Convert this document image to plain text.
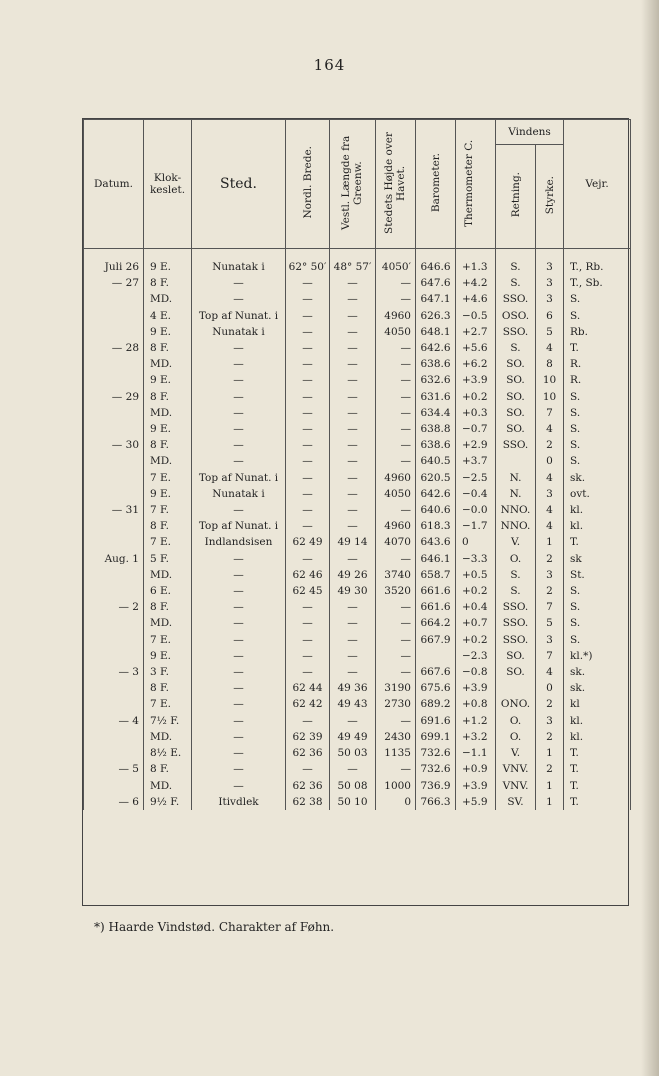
164
Datum.	Klok-
keslet.	Sted.	Nordl. Brede.	Vestl. Længde fra Greenw.	Stedets Højde over Havet.	Barometer.	Thermometer C.	Vindens		Vejr.
								Retning.	Styrke.	

Juli 26	9 E.	Nunatak i	62° 50′	48° 57′	4050′	646.6	+1.3	S.	3	T., Rb.
— 27	8 F.	—	—	—	—	647.6	+4.2	S.	3	T., Sb.
	MD.	—	—	—	—	647.1	+4.6	SSO.	3	S.
	4 E.	Top af Nunat. i	—	—	4960	626.3	−0.5	OSO.	6	S.
	9 E.	Nunatak i	—	—	4050	648.1	+2.7	SSO.	5	Rb.
— 28	8 F.	—	—	—	—	642.6	+5.6	S.	4	T.
	MD.	—	—	—	—	638.6	+6.2	SO.	8	R.
	9 E.	—	—	—	—	632.6	+3.9	SO.	10	R.
— 29	8 F.	—	—	—	—	631.6	+0.2	SO.	10	S.
	MD.	—	—	—	—	634.4	+0.3	SO.	7	S.
	9 E.	—	—	—	—	638.8	−0.7	SO.	4	S.
— 30	8 F.	—	—	—	—	638.6	+2.9	SSO.	2	S.
	MD.	—	—	—	—	640.5	+3.7		0	S.
	7 E.	Top af Nunat. i	—	—	4960	620.5	−2.5	N.	4	sk.
	9 E.	Nunatak i	—	—	4050	642.6	−0.4	N.	3	ovt.
— 31	7 F.	—	—	—	—	640.6	−0.0	NNO.	4	kl.
	8 F.	Top af Nunat. i	—	—	4960	618.3	−1.7	NNO.	4	kl.
	7 E.	Indlandsisen	62 49	49 14	4070	643.6	0	V.	1	T.
Aug. 1	5 F.	—	—	—	—	646.1	−3.3	O.	2	sk
	MD.	—	62 46	49 26	3740	658.7	+0.5	S.	3	St.
	6 E.	—	62 45	49 30	3520	661.6	+0.2	S.	2	S.
— 2	8 F.	—	—	—	—	661.6	+0.4	SSO.	7	S.
	MD.	—	—	—	—	664.2	+0.7	SSO.	5	S.
	7 E.	—	—	—	—	667.9	+0.2	SSO.	3	S.
	9 E.	—	—	—	—		−2.3	SO.	7	kl.*)
— 3	3 F.	—	—	—	—	667.6	−0.8	SO.	4	sk.
	8 F.	—	62 44	49 36	3190	675.6	+3.9		0	sk.
	7 E.	—	62 42	49 43	2730	689.2	+0.8	ONO.	2	kl
— 4	7½ F.	—	—	—	—	691.6	+1.2	O.	3	kl.
	MD.	—	62 39	49 49	2430	699.1	+3.2	O.	2	kl.
	8½ E.	—	62 36	50 03	1135	732.6	−1.1	V.	1	T.
— 5	8 F.	—	—	—	—	732.6	+0.9	VNV.	2	T.
	MD.	—	62 36	50 08	1000	736.9	+3.9	VNV.	1	T.
— 6	9½ F.	Itivdlek	62 38	50 10	0	766.3	+5.9	SV.	1	T.
*) Haarde Vindstød. Charakter af Føhn.
